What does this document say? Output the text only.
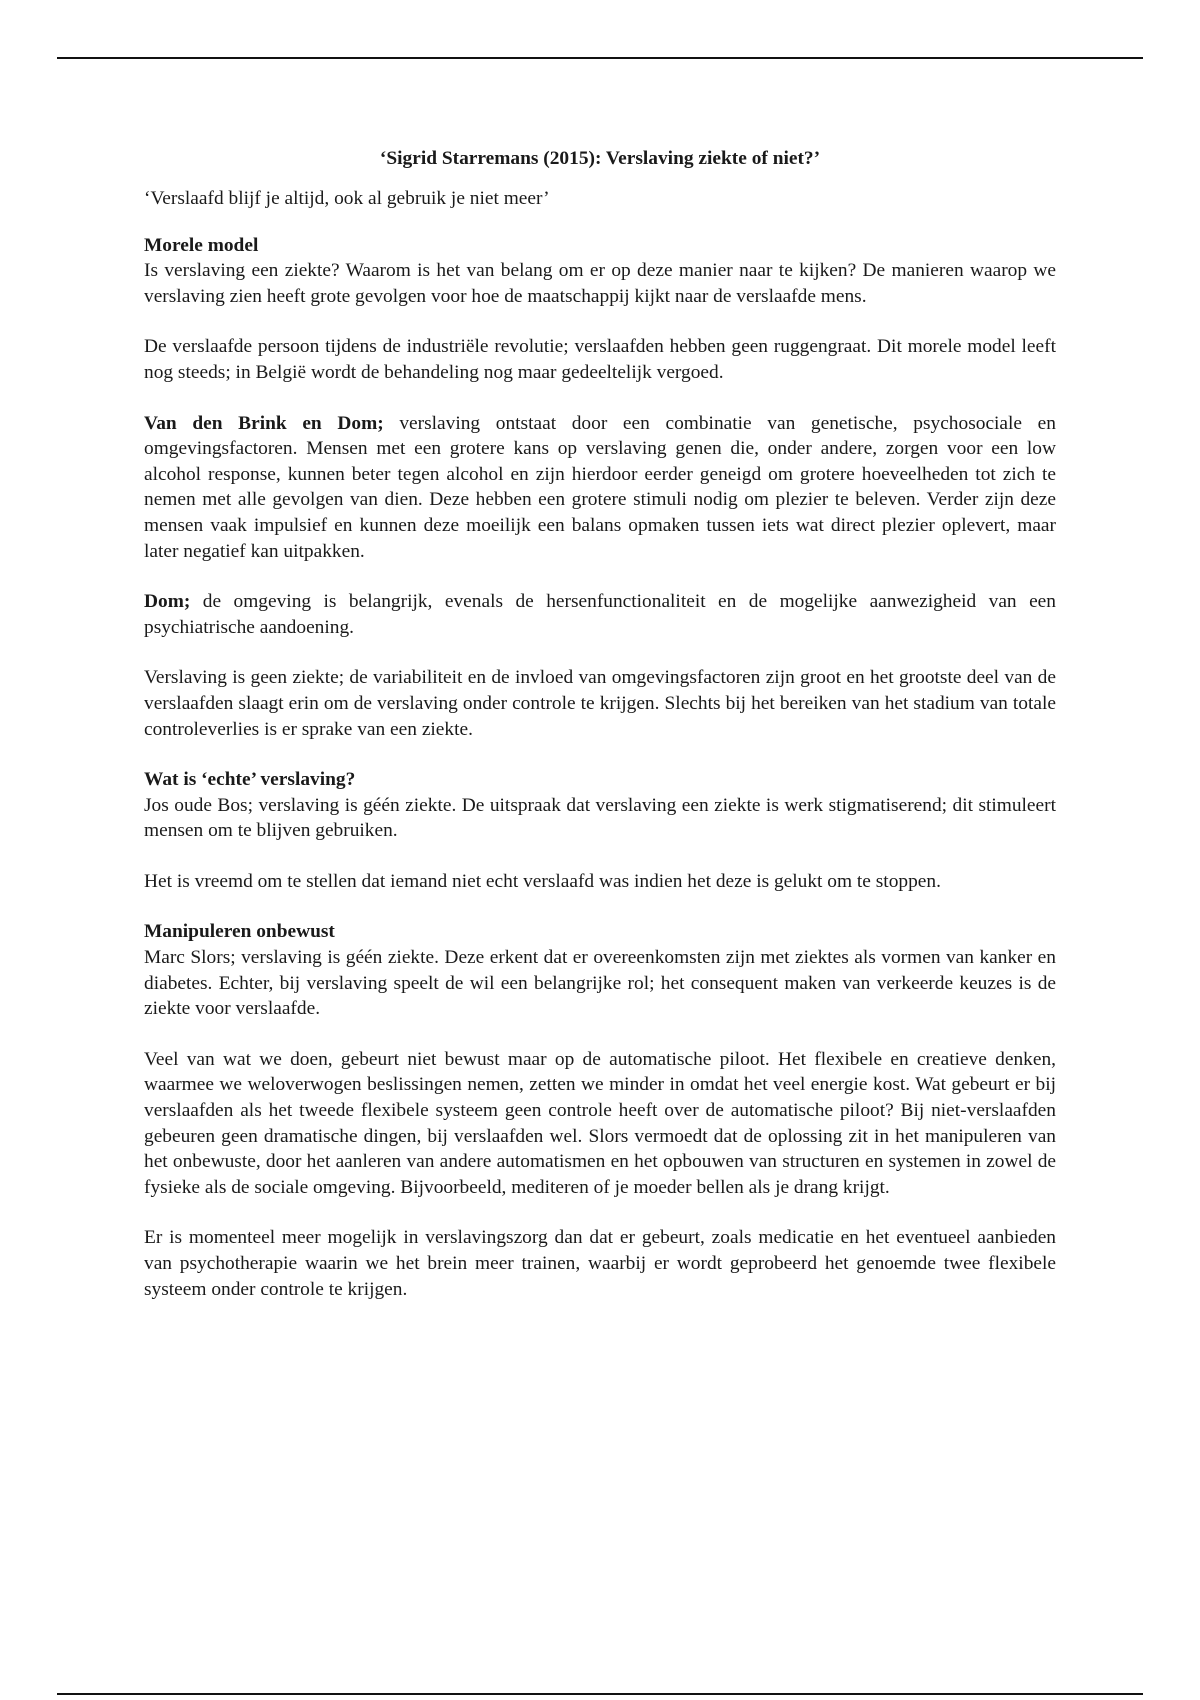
‘Sigrid Starremans (2015): Verslaving ziekte of niet?’
‘Verslaafd blijf je altijd, ook al gebruik je niet meer’
Morele model

Is verslaving een ziekte? Waarom is het van belang om er op deze manier naar te kijken? De manieren waarop we verslaving zien heeft grote gevolgen voor hoe de maatschappij kijkt naar de verslaafde mens.

De verslaafde persoon tijdens de industriële revolutie; verslaafden hebben geen ruggengraat. Dit morele model leeft nog steeds; in België wordt de behandeling nog maar gedeeltelijk vergoed.

Van den Brink en Dom; verslaving ontstaat door een combinatie van genetische, psychosociale en omgevingsfactoren. Mensen met een grotere kans op verslaving genen die, onder andere, zorgen voor een low alcohol response, kunnen beter tegen alcohol en zijn hierdoor eerder geneigd om grotere hoeveelheden tot zich te nemen met alle gevolgen van dien. Deze hebben een grotere stimuli nodig om plezier te beleven. Verder zijn deze mensen vaak impulsief en kunnen deze moeilijk een balans opmaken tussen iets wat direct plezier oplevert, maar later negatief kan uitpakken.

Dom; de omgeving is belangrijk, evenals de hersenfunctionaliteit en de mogelijke aanwezigheid van een psychiatrische aandoening.

Verslaving is geen ziekte; de variabiliteit en de invloed van omgevingsfactoren zijn groot en het grootste deel van de verslaafden slaagt erin om de verslaving onder controle te krijgen. Slechts bij het bereiken van het stadium van totale controleverlies is er sprake van een ziekte.

Wat is ‘echte’ verslaving?

Jos oude Bos; verslaving is géén ziekte. De uitspraak dat verslaving een ziekte is werk stigmatiserend; dit stimuleert mensen om te blijven gebruiken.

Het is vreemd om te stellen dat iemand niet echt verslaafd was indien het deze is gelukt om te stoppen.

Manipuleren onbewust

Marc Slors; verslaving is géén ziekte. Deze erkent dat er overeenkomsten zijn met ziektes als vormen van kanker en diabetes. Echter, bij verslaving speelt de wil een belangrijke rol; het consequent maken van verkeerde keuzes is de ziekte voor verslaafde.

Veel van wat we doen, gebeurt niet bewust maar op de automatische piloot. Het flexibele en creatieve denken, waarmee we weloverwogen beslissingen nemen, zetten we minder in omdat het veel energie kost. Wat gebeurt er bij verslaafden als het tweede flexibele systeem geen controle heeft over de automatische piloot? Bij niet-verslaafden gebeuren geen dramatische dingen, bij verslaafden wel. Slors vermoedt dat de oplossing zit in het manipuleren van het onbewuste, door het aanleren van andere automatismen en het opbouwen van structuren en systemen in zowel de fysieke als de sociale omgeving. Bijvoorbeeld, mediteren of je moeder bellen als je drang krijgt.

Er is momenteel meer mogelijk in verslavingszorg dan dat er gebeurt, zoals medicatie en het eventueel aanbieden van psychotherapie waarin we het brein meer trainen, waarbij er wordt geprobeerd het genoemde twee flexibele systeem onder controle te krijgen.
